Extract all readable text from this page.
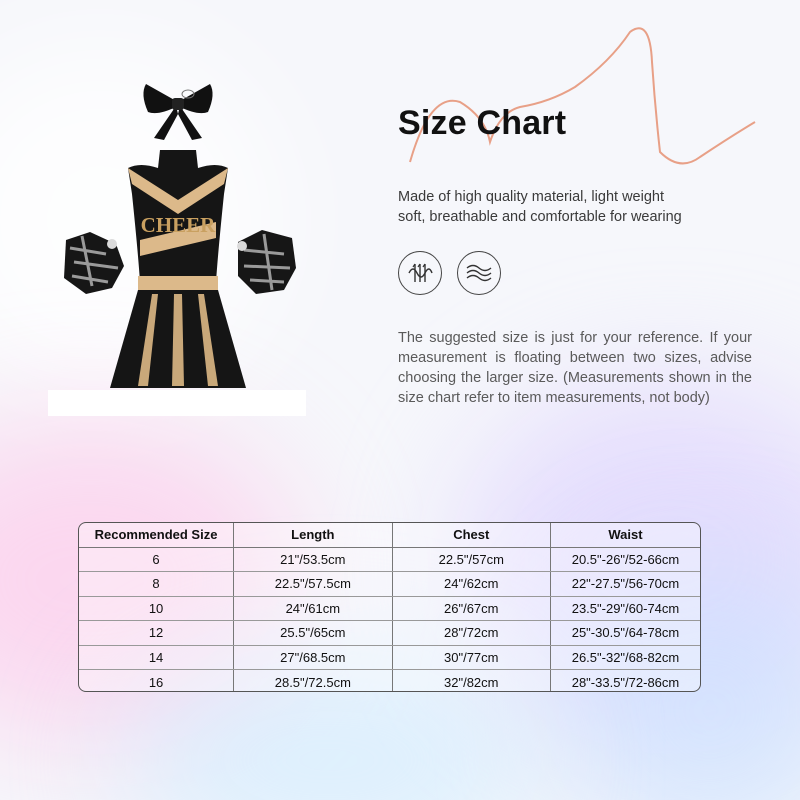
CHEER
Size Chart
Made of high quality material, light weight
soft, breathable and comfortable for wearing
The suggested size is just for your reference. If your measurement is floating between two sizes, advise choosing the larger size. (Measurements shown in the size chart refer to item measurements, not body)
Recommended Size	Length	Chest	Waist
6	21"/53.5cm	22.5"/57cm	20.5"-26"/52-66cm
8	22.5"/57.5cm	24"/62cm	22"-27.5"/56-70cm
10	24"/61cm	26"/67cm	23.5"-29"/60-74cm
12	25.5"/65cm	28"/72cm	25"-30.5"/64-78cm
14	27"/68.5cm	30"/77cm	26.5"-32"/68-82cm
16	28.5"/72.5cm	32"/82cm	28"-33.5"/72-86cm
